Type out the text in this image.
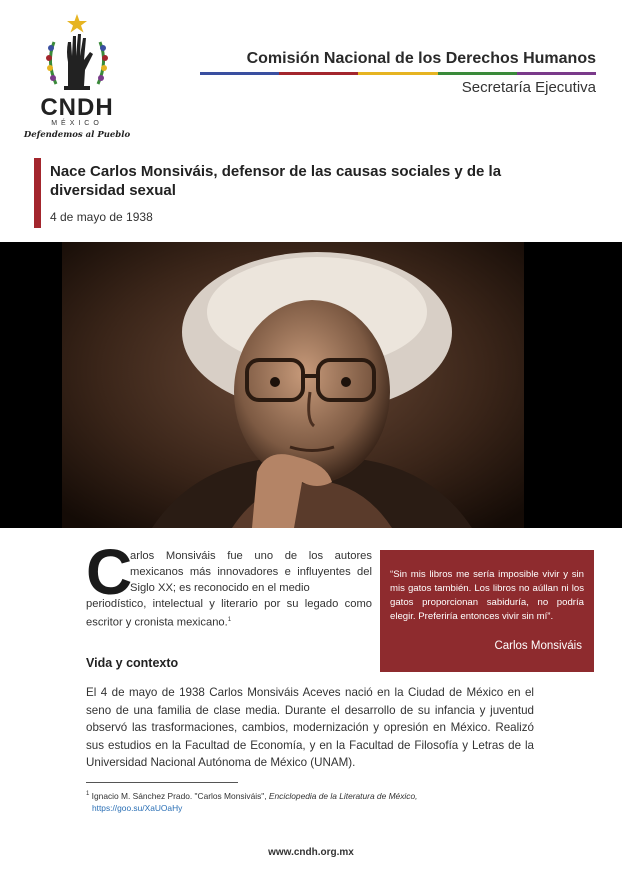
CNDH
MÉXICO
Defendemos al Pueblo
Comisión Nacional de los Derechos Humanos
Secretaría Ejecutiva
Nace Carlos Monsiváis, defensor de las causas sociales y de la diversidad sexual
4 de mayo de 1938
C
arlos Monsiváis fue uno de los autores mexicanos más innovadores e influyentes del Siglo XX; es reconocido en el medio
periodístico, intelectual y literario por su legado como escritor y cronista mexicano.$^1$
“Sin mis libros me sería imposible vivir y sin mis gatos también. Los libros no aúllan ni los gatos proporcionan sabiduría, no podría elegir. Preferiría entonces vivir sin mí”.
Carlos Monsiváis
Vida y contexto
El 4 de mayo de 1938 Carlos Monsiváis Aceves nació en la Ciudad de México en el seno de una familia de clase media. Durante el desarrollo de su infancia y juventud observó las trasformaciones, cambios, modernización y opresión en México. Realizó sus estudios en la Facultad de Economía, y en la Facultad de Filosofía y Letras de la Universidad Nacional Autónoma de México (UNAM).
$^1$ Ignacio M. Sánchez Prado. "Carlos Monsiváis", Enciclopedia de la Literatura de México,
https://goo.su/XaUOaHy
www.cndh.org.mx
